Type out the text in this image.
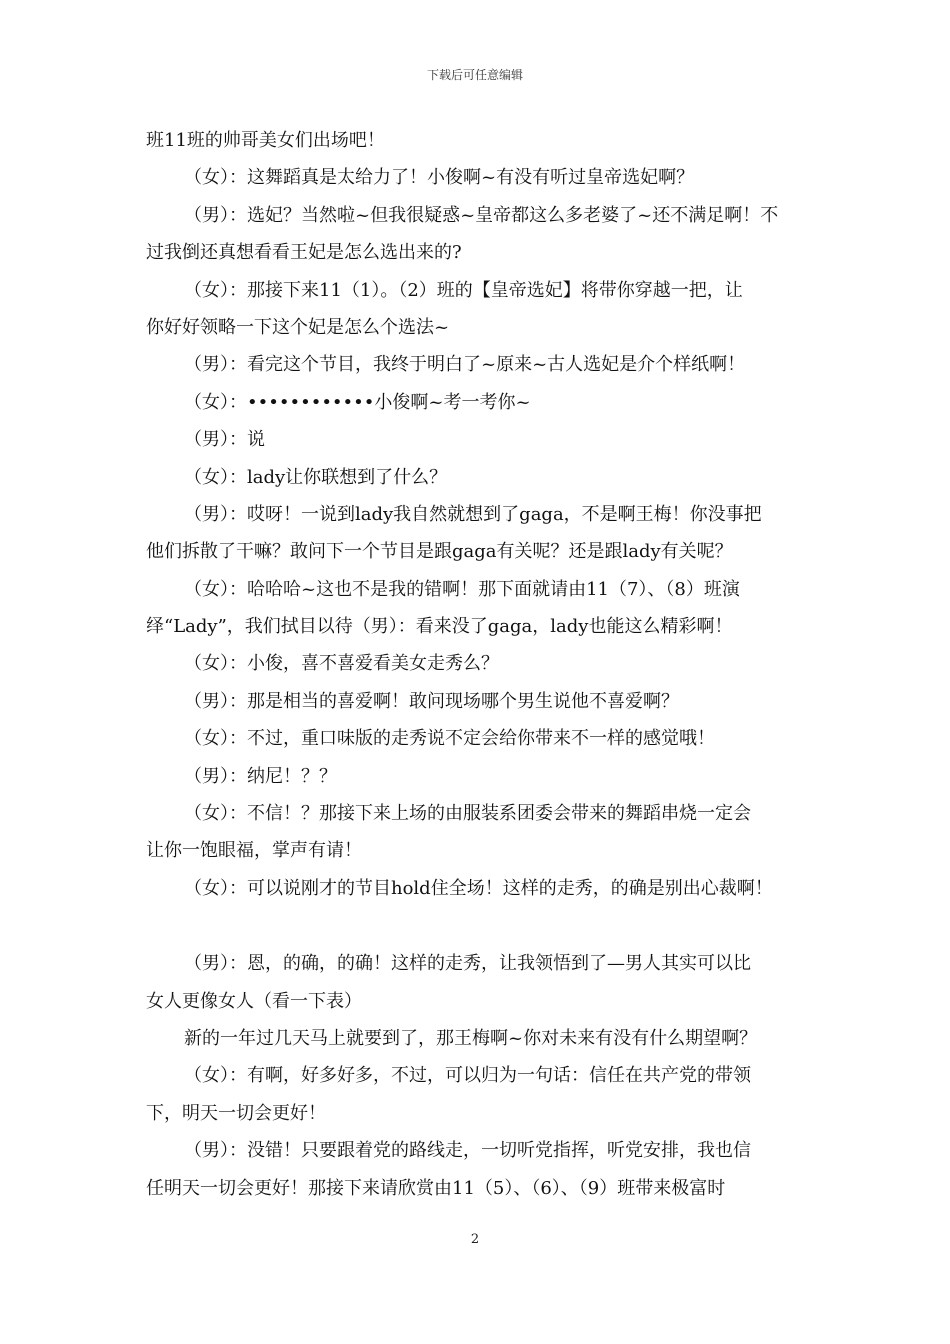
下载后可任意编辑
班11班的帅哥美女们出场吧！
（女）：这舞蹈真是太给力了！小俊啊~有没有听过皇帝选妃啊？
（男）：选妃？当然啦~但我很疑惑~皇帝都这么多老婆了~还不满足啊！不
过我倒还真想看看王妃是怎么选出来的?
（女）：那接下来11（1）。（2）班的【皇帝选妃】将带你穿越一把，让
你好好领略一下这个妃是怎么个选法~
（男）：看完这个节目，我终于明白了~原来~古人选妃是介个样纸啊！
（女）：••••••••••••小俊啊~考一考你~
（男）：说
（女）：lady让你联想到了什么？
（男）：哎呀！一说到lady我自然就想到了gaga，不是啊王梅！你没事把
他们拆散了干嘛？敢问下一个节目是跟gaga有关呢？还是跟lady有关呢？
（女）：哈哈哈~这也不是我的错啊！那下面就请由11（7）、（8）班演
绎“Lady”，我们拭目以待（男）：看来没了gaga，lady也能这么精彩啊！
（女）：小俊，喜不喜爱看美女走秀么？
（男）：那是相当的喜爱啊！敢问现场哪个男生说他不喜爱啊？
（女）：不过，重口味版的走秀说不定会给你带来不一样的感觉哦！
（男）：纳尼！？？
（女）：不信！？那接下来上场的由服装系团委会带来的舞蹈串烧一定会
让你一饱眼福，掌声有请！
（女）：可以说刚才的节目hold住全场！这样的走秀，的确是别出心裁啊！
（男）：恩，的确，的确！这样的走秀，让我领悟到了—男人其实可以比
女人更像女人（看一下表）
新的一年过几天马上就要到了，那王梅啊~你对未来有没有什么期望啊？
（女）：有啊，好多好多，不过，可以归为一句话：信任在共产党的带领
下，明天一切会更好！
（男）：没错！只要跟着党的路线走，一切听党指挥，听党安排，我也信
任明天一切会更好！那接下来请欣赏由11（5）、（6）、（9）班带来极富时
2
